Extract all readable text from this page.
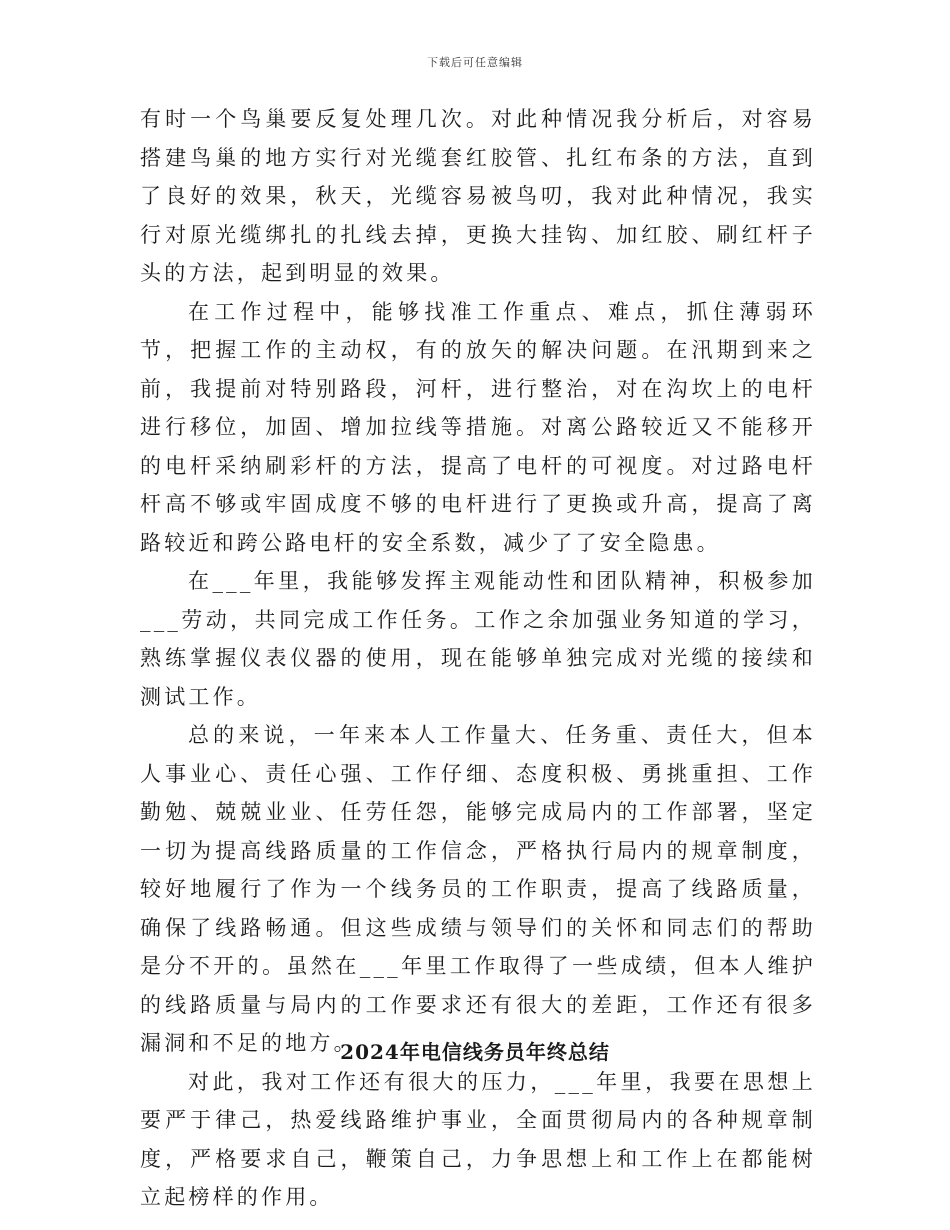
下载后可任意编辑

有时一个鸟巢要反复处理几次。对此种情况我分析后，对容易搭建鸟巢的地方实行对光缆套红胶管、扎红布条的方法，直到了良好的效果，秋天，光缆容易被鸟叨，我对此种情况，我实行对原光缆绑扎的扎线去掉，更换大挂钩、加红胶、刷红杆子头的方法，起到明显的效果。

在工作过程中，能够找准工作重点、难点，抓住薄弱环节，把握工作的主动权，有的放矢的解决问题。在汛期到来之前，我提前对特别路段，河杆，进行整治，对在沟坎上的电杆进行移位，加固、增加拉线等措施。对离公路较近又不能移开的电杆采纳刷彩杆的方法，提高了电杆的可视度。对过路电杆杆高不够或牢固成度不够的电杆进行了更换或升高，提高了离路较近和跨公路电杆的安全系数，减少了了安全隐患。

在___年里，我能够发挥主观能动性和团队精神，积极参加___劳动，共同完成工作任务。工作之余加强业务知道的学习，熟练掌握仪表仪器的使用，现在能够单独完成对光缆的接续和测试工作。

总的来说，一年来本人工作量大、任务重、责任大，但本人事业心、责任心强、工作仔细、态度积极、勇挑重担、工作勤勉、兢兢业业、任劳任怨，能够完成局内的工作部署，坚定一切为提高线路质量的工作信念，严格执行局内的规章制度，较好地履行了作为一个线务员的工作职责，提高了线路质量，确保了线路畅通。但这些成绩与领导们的关怀和同志们的帮助是分不开的。虽然在___年里工作取得了一些成绩，但本人维护的线路质量与局内的工作要求还有很大的差距，工作还有很多漏洞和不足的地方。

对此，我对工作还有很大的压力，___年里，我要在思想上要严于律己，热爱线路维护事业，全面贯彻局内的各种规章制度，严格要求自己，鞭策自己，力争思想上和工作上在都能树立起榜样的作用。

2024年电信线务员年终总结
